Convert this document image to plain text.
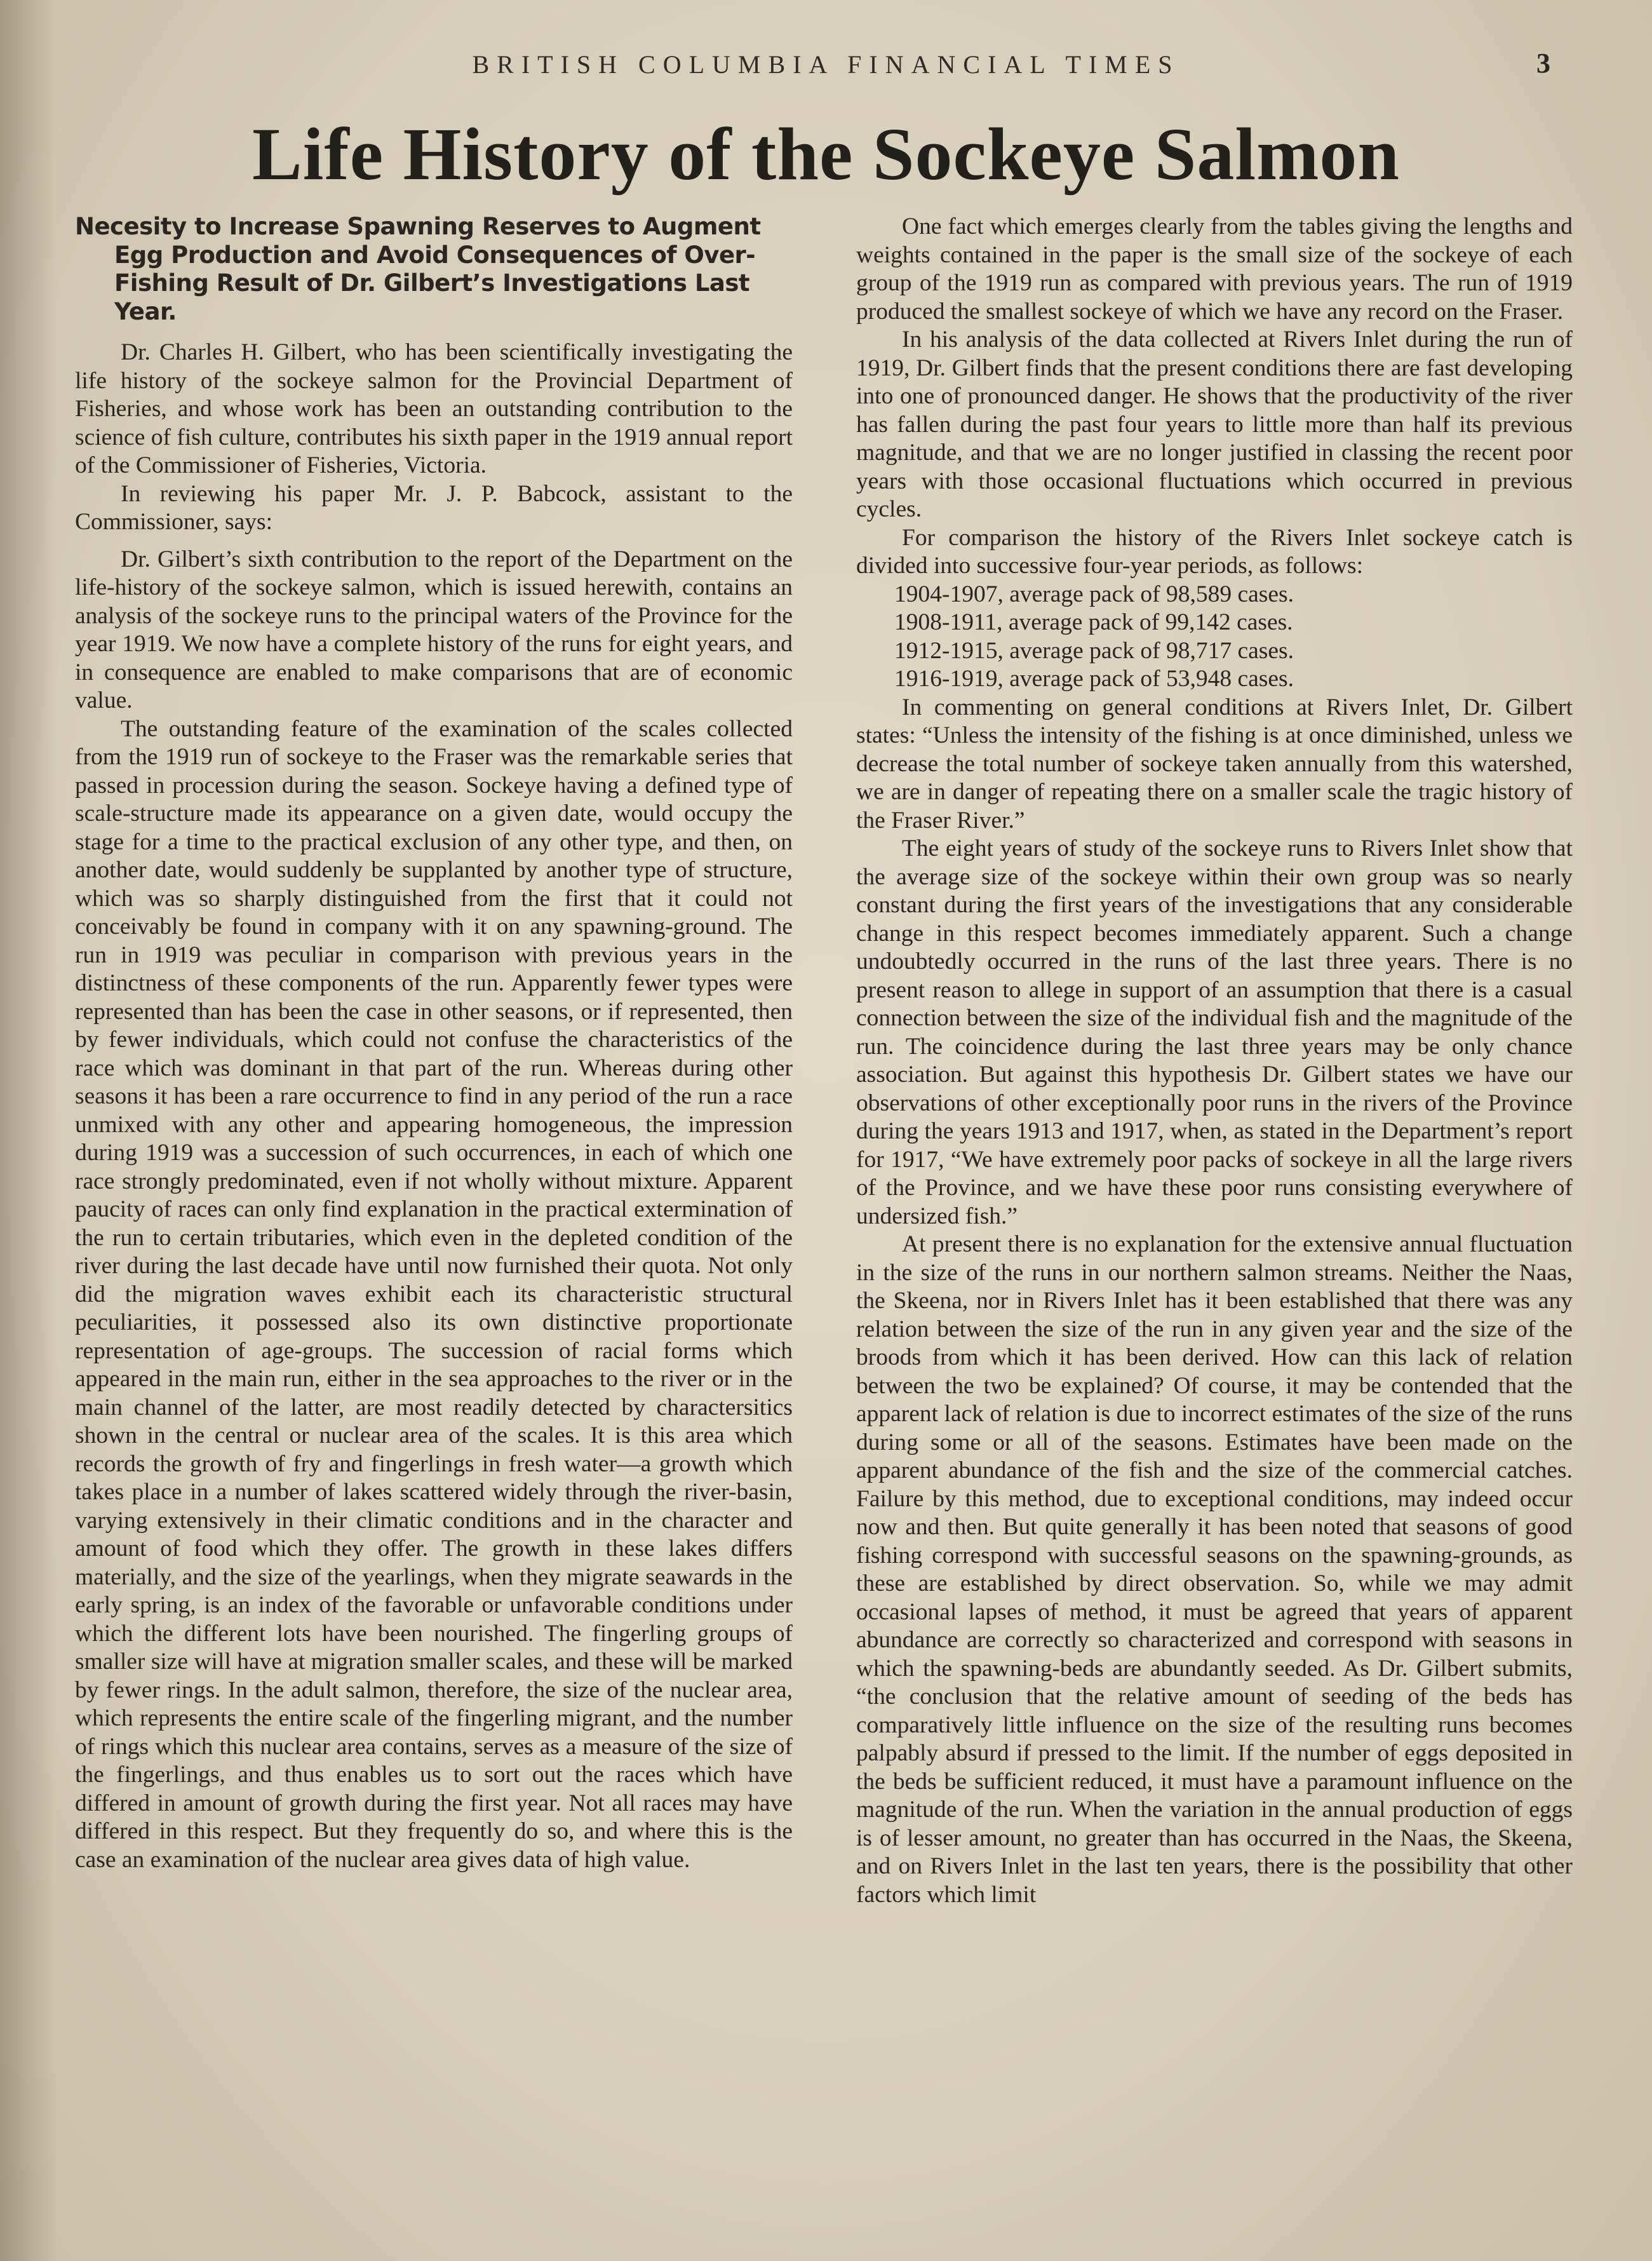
BRITISH COLUMBIA FINANCIAL TIMES	3
Life History of the Sockeye Salmon
Necesity to Increase Spawning Reserves to Augment Egg Production and Avoid Consequences of Over-Fishing Result of Dr. Gilbert’s Investigations Last Year.

Dr. Charles H. Gilbert, who has been scientifically investigating the life history of the sockeye salmon for the Provincial Department of Fisheries, and whose work has been an outstanding contribution to the science of fish culture, contributes his sixth paper in the 1919 annual report of the Commissioner of Fisheries, Victoria.

In reviewing his paper Mr. J. P. Babcock, assistant to the Commissioner, says:

Dr. Gilbert’s sixth contribution to the report of the Department on the life-history of the sockeye salmon, which is issued herewith, contains an analysis of the sockeye runs to the principal waters of the Province for the year 1919. We now have a complete history of the runs for eight years, and in consequence are enabled to make comparisons that are of economic value.

The outstanding feature of the examination of the scales collected from the 1919 run of sockeye to the Fraser was the remarkable series that passed in procession during the season. Sockeye having a defined type of scale-structure made its appearance on a given date, would occupy the stage for a time to the practical exclusion of any other type, and then, on another date, would suddenly be supplanted by another type of structure, which was so sharply distinguished from the first that it could not conceivably be found in company with it on any spawning-ground. The run in 1919 was peculiar in comparison with previous years in the distinctness of these components of the run. Apparently fewer types were represented than has been the case in other seasons, or if represented, then by fewer individuals, which could not confuse the characteristics of the race which was dominant in that part of the run. Whereas during other seasons it has been a rare occurrence to find in any period of the run a race unmixed with any other and appearing homogeneous, the impression during 1919 was a succession of such occurrences, in each of which one race strongly predominated, even if not wholly without mixture. Apparent paucity of races can only find explanation in the practical extermination of the run to certain tributaries, which even in the depleted condition of the river during the last decade have until now furnished their quota. Not only did the migration waves exhibit each its characteristic structural peculiarities, it possessed also its own distinctive proportionate representation of age-groups. The succession of racial forms which appeared in the main run, either in the sea approaches to the river or in the main channel of the latter, are most readily detected by charactersitics shown in the central or nuclear area of the scales. It is this area which records the growth of fry and fingerlings in fresh water—a growth which takes place in a number of lakes scattered widely through the river-basin, varying extensively in their climatic conditions and in the character and amount of food which they offer. The growth in these lakes differs materially, and the size of the yearlings, when they migrate seawards in the early spring, is an index of the favorable or unfavorable conditions under which the different lots have been nourished. The fingerling groups of smaller size will have at migration smaller scales, and these will be marked by fewer rings. In the adult salmon, therefore, the size of the nuclear area, which represents the entire scale of the fingerling migrant, and the number of rings which this nuclear area contains, serves as a measure of the size of the fingerlings, and thus enables us to sort out the races which have differed in amount of growth during the first year. Not all races may have differed in this respect. But they frequently do so, and where this is the case an examination of the nuclear area gives data of high value.

One fact which emerges clearly from the tables giving the lengths and weights contained in the paper is the small size of the sockeye of each group of the 1919 run as compared with previous years. The run of 1919 produced the smallest sockeye of which we have any record on the Fraser.

In his analysis of the data collected at Rivers Inlet during the run of 1919, Dr. Gilbert finds that the present conditions there are fast developing into one of pronounced danger. He shows that the productivity of the river has fallen during the past four years to little more than half its previous magnitude, and that we are no longer justified in classing the recent poor years with those occasional fluctuations which occurred in previous cycles.

For comparison the history of the Rivers Inlet sockeye catch is divided into successive four-year periods, as follows:

1904-1907, average pack of 98,589 cases.
1908-1911, average pack of 99,142 cases.
1912-1915, average pack of 98,717 cases.
1916-1919, average pack of 53,948 cases.

In commenting on general conditions at Rivers Inlet, Dr. Gilbert states: “Unless the intensity of the fishing is at once diminished, unless we decrease the total number of sockeye taken annually from this watershed, we are in danger of repeating there on a smaller scale the tragic history of the Fraser River.”

The eight years of study of the sockeye runs to Rivers Inlet show that the average size of the sockeye within their own group was so nearly constant during the first years of the investigations that any considerable change in this respect becomes immediately apparent. Such a change undoubtedly occurred in the runs of the last three years. There is no present reason to allege in support of an assumption that there is a casual connection between the size of the individual fish and the magnitude of the run. The coincidence during the last three years may be only chance association. But against this hypothesis Dr. Gilbert states we have our observations of other exceptionally poor runs in the rivers of the Province during the years 1913 and 1917, when, as stated in the Department’s report for 1917, “We have extremely poor packs of sockeye in all the large rivers of the Province, and we have these poor runs consisting everywhere of undersized fish.”

At present there is no explanation for the extensive annual fluctuation in the size of the runs in our northern salmon streams. Neither the Naas, the Skeena, nor in Rivers Inlet has it been established that there was any relation between the size of the run in any given year and the size of the broods from which it has been derived. How can this lack of relation between the two be explained? Of course, it may be contended that the apparent lack of relation is due to incorrect estimates of the size of the runs during some or all of the seasons. Estimates have been made on the apparent abundance of the fish and the size of the commercial catches. Failure by this method, due to exceptional conditions, may indeed occur now and then. But quite generally it has been noted that seasons of good fishing correspond with successful seasons on the spawning-grounds, as these are established by direct observation. So, while we may admit occasional lapses of method, it must be agreed that years of apparent abundance are correctly so characterized and correspond with seasons in which the spawning-beds are abundantly seeded. As Dr. Gilbert submits, “the conclusion that the relative amount of seeding of the beds has comparatively little influence on the size of the resulting runs becomes palpably absurd if pressed to the limit. If the number of eggs deposited in the beds be sufficient reduced, it must have a paramount influence on the magnitude of the run. When the variation in the annual production of eggs is of lesser amount, no greater than has occurred in the Naas, the Skeena, and on Rivers Inlet in the last ten years, there is the possibility that other factors which limit
